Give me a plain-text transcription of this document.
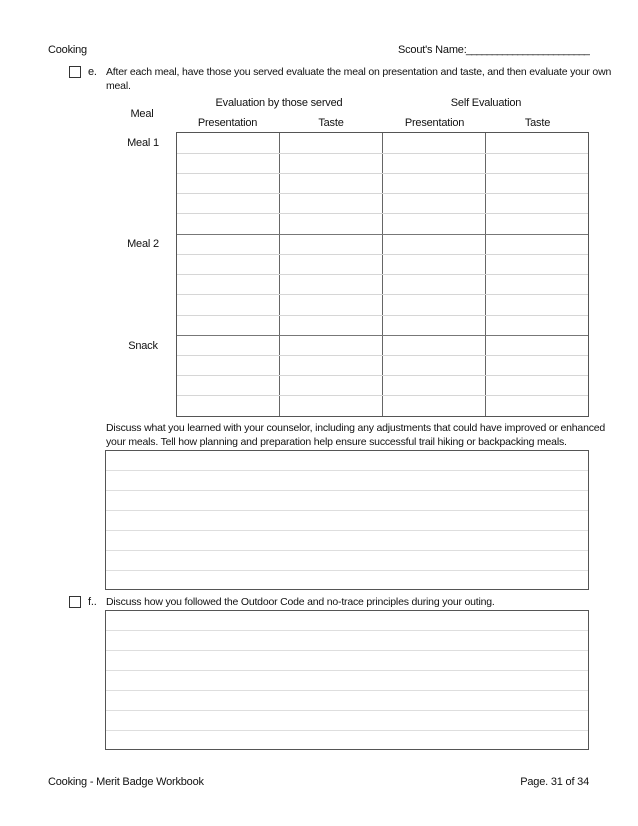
Cooking	Scout's Name: ________________________
e. After each meal, have those you served evaluate the meal on presentation and taste, and then evaluate your own
meal.
Meal
Evaluation by those served	Self Evaluation
Presentation	Taste	Presentation	Taste
Meal 1
Meal 2
Snack
Discuss what you learned with your counselor, including any adjustments that could have improved or enhanced
your meals. Tell how planning and preparation help ensure successful trail hiking or backpacking meals.
f.. Discuss how you followed the Outdoor Code and no-trace principles during your outing.
Cooking - Merit Badge Workbook	Page. 31 of 34
